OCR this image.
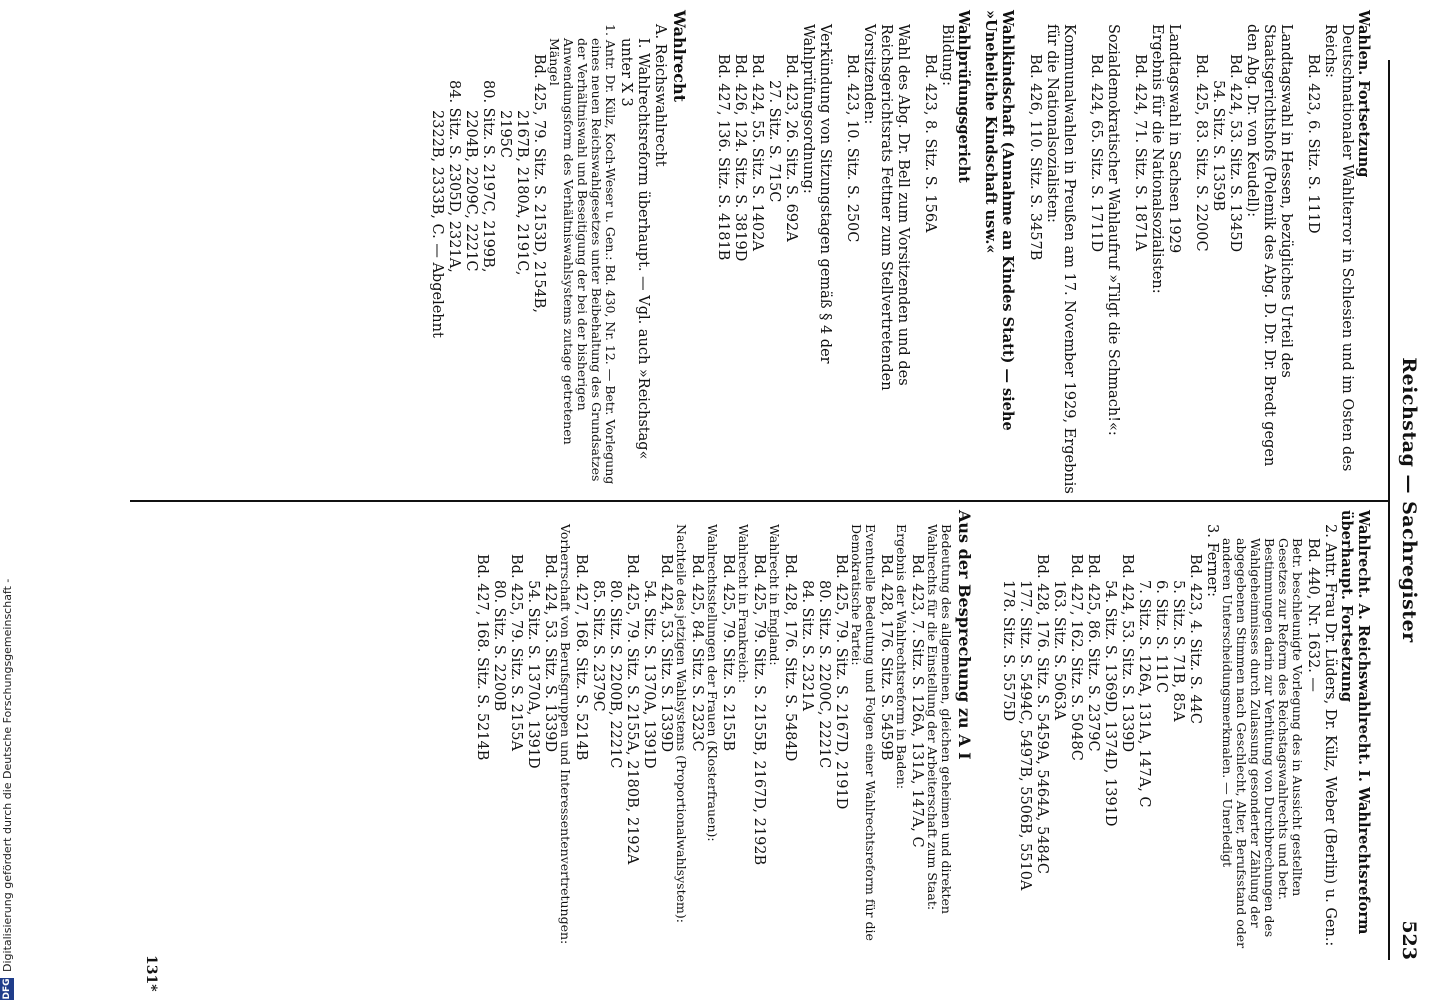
Reichstag — Sachregister
523
Wahlen. Fortsetzung
Deutschnationaler Wahlterror in Schlesien und im Osten des Reichs:
Bd. 423, 6. Sitz. S. 111D
Landtagswahl in Hessen, bezügliches Urteil des Staatsgerichtshofs (Polemik des Abg. D. Dr. Dr. Bredt gegen den Abg. Dr. von Keudell):
Bd. 424, 53. Sitz. S. 1345D
54. Sitz. S. 1359B
Bd. 425, 83. Sitz. S. 2200C
Landtagswahl in Sachsen 1929
Ergebnis für die Nationalsozialisten:
Bd. 424, 71. Sitz. S. 1871A
Sozialdemokratischer Wahlaufruf »Tilgt die Schmach!«:
Bd. 424, 65. Sitz. S. 1711D
Kommunalwahlen in Preußen am 17. November 1929, Ergebnis für die Nationalsozialisten:
Bd. 426, 110. Sitz. S. 3457B
Wahlkindschaft (Annahme an Kindes Statt) — siehe »Uneheliche Kindschaft usw.«
Wahlprüfungsgericht
Bildung:
Bd. 423, 8. Sitz. S. 156A
Wahl des Abg. Dr. Bell zum Vorsitzenden und des Reichsgerichtsrats Fettner zum Stellvertretenden Vorsitzenden:
Bd. 423, 10. Sitz. S. 250C
Verkündung von Sitzungstagen gemäß § 4 der Wahlprüfungsordnung:
Bd. 423, 26. Sitz. S. 692A
27. Sitz. S. 715C
Bd. 424, 55. Sitz. S. 1402A
Bd. 426, 124. Sitz. S. 3819D
Bd. 427, 136. Sitz. S. 4181B
Wahlrecht
A. Reichswahlrecht
I. Wahlrechtsreform überhaupt. — Vgl. auch »Reichstag« unter X 3
1. Antr. Dr. Külz, Koch-Weser u. Gen.: Bd. 430, Nr. 12. — Betr. Vorlegung eines neuen Reichswahlgesetzes unter Beibehaltung des Grundsatzes der Verhältniswahl und Beseitigung der bei der bisherigen Anwendungsform des Verhältniswahlsystems zutage getretenen Mängel
Bd. 425, 79. Sitz. S. 2153D, 2154B,
2167B, 2180A, 2191C,
2195C
80. Sitz. S. 2197C, 2199B,
2204B, 2209C, 2221C
84. Sitz. S. 2305D, 2321A,
2322B, 2333B, C. — Abgelehnt
Wahlrecht. A. Reichswahlrecht. I. Wahlrechtsreform überhaupt. Fortsetzung
2. Antr. Frau Dr. Lüders, Dr. Külz, Weber (Berlin) u. Gen.: Bd. 440, Nr. 1632. —
Betr. beschleunigte Vorlegung des in Aussicht gestellten Gesetzes zur Reform des Reichstagswahlrechts und betr. Bestimmungen darin zur Verhütung von Durchbrechungen des Wahlgeheimnisses durch Zulassung gesonderter Zählung der abgegebenen Stimmen nach Geschlecht, Alter, Berufsstand oder anderen Unterscheidungsmerkmalen. — Unerledigt
3. Ferner:
Bd. 423, 4. Sitz. S. 44C
5. Sitz. S. 71B, 85A
6. Sitz. S. 111C
7. Sitz. S. 126A, 131A, 147A, C
Bd. 424, 53. Sitz. S. 1339D
54. Sitz. S. 1369D, 1374D, 1391D
Bd. 425, 86. Sitz. S. 2379C
Bd. 427, 162. Sitz. S. 5048C
163. Sitz. S. 5063A
Bd. 428, 176. Sitz. S. 5459A, 5464A, 5484C
177. Sitz. S. 5494C, 5497B, 5506B, 5510A
178. Sitz. S. 5575D
Aus der Besprechung zu A I
Bedeutung des allgemeinen, gleichen geheimen und direkten Wahlrechts für die Einstellung der Arbeiterschaft zum Staat:
Bd. 423, 7. Sitz. S. 126A, 131A, 147A, C
Ergebnis der Wahlrechtsreform in Baden:
Bd. 428, 176. Sitz. S. 5459B
Eventuelle Bedeutung und Folgen einer Wahlrechtsreform für die Demokratische Partei:
Bd. 425, 79. Sitz. S. 2167D, 2191D
80. Sitz. S. 2200C, 2221C
84. Sitz. S. 2321A
Bd. 428, 176. Sitz. S. 5484D
Wahlrecht in England:
Bd. 425, 79. Sitz. S. 2155B, 2167D, 2192B
Wahlrecht in Frankreich:
Bd. 425, 79. Sitz. S. 2155B
Wahlrechtsstellungen der Frauen (Klosterfrauen):
Bd. 425, 84. Sitz. S. 2323C
Nachteile des jetzigen Wahlsystems (Proportionalwahlsystem):
Bd. 424, 53. Sitz. S. 1339D
54. Sitz. S. 1370A, 1391D
Bd. 425, 79. Sitz. S. 2155A, 2180B, 2192A
80. Sitz. S. 2200B, 2221C
85. Sitz. S. 2379C
Bd. 427, 168. Sitz. S. 5214B
Vorherrschaft von Berufsgruppen und Interessentenvertretungen:
Bd. 424, 53. Sitz. S. 1339D
54. Sitz. S. 1370A, 1391D
Bd. 425, 79. Sitz. S. 2155A
80. Sitz. S. 2200B
Bd. 427, 168. Sitz. S. 5214B
131*
DFG
Digitalisierung gefördert durch die Deutsche Forschungsgemeinschaft -
